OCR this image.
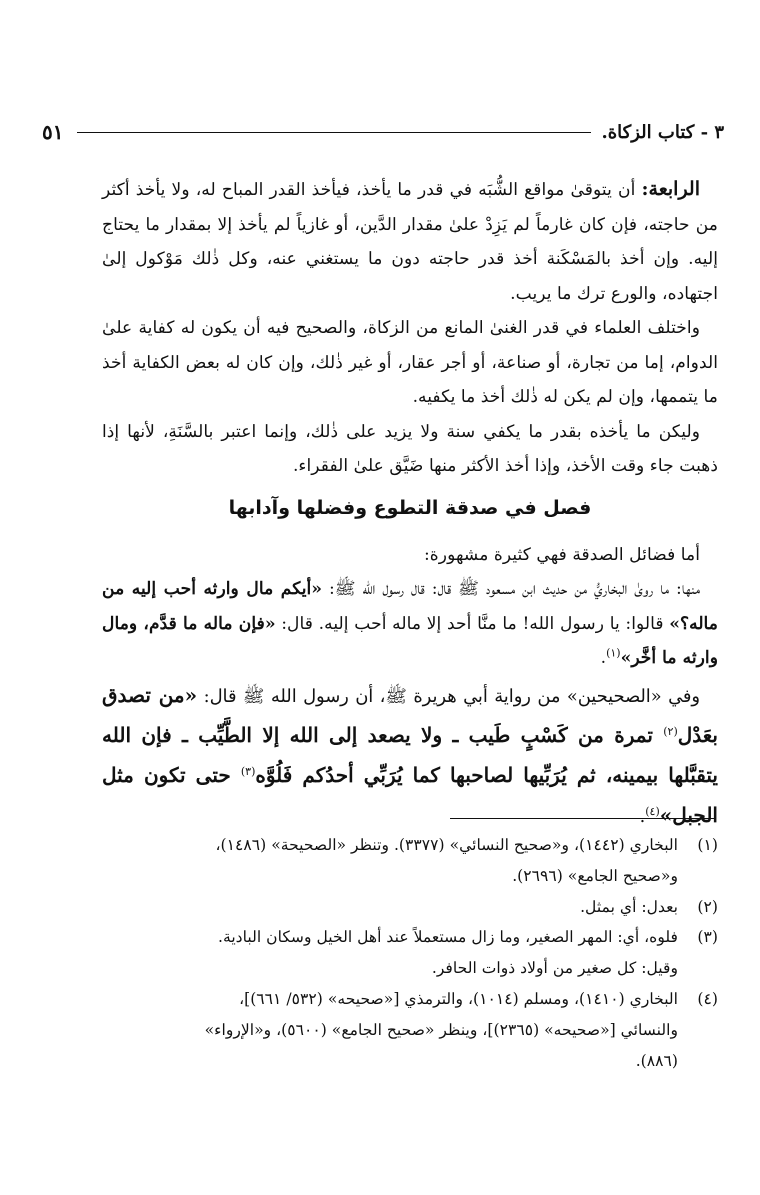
٣ - كتاب الزكاة.
٥١

الرابعة: أن يتوقىٰ مواقع الشُّبَه في قدر ما يأخذ، فيأخذ القدر المباح له، ولا يأخذ أكثر من حاجته، فإن كان غارماً لم يَزِدْ علىٰ مقدار الدَّين، أو غازياً لم يأخذ إلا بمقدار ما يحتاج إليه. وإن أخذ بالمَسْكَنة أخذ قدر حاجته دون ما يستغني عنه، وكل ذٰلك مَوْكول إلىٰ اجتهاده، والورع ترك ما يريب.

واختلف العلماء في قدر الغنىٰ المانع من الزكاة، والصحيح فيه أن يكون له كفاية علىٰ الدوام، إما من تجارة، أو صناعة، أو أجر عقار، أو غير ذٰلك، وإن كان له بعض الكفاية أخذ ما يتممها، وإن لم يكن له ذٰلك أخذ ما يكفيه.

وليكن ما يأخذه بقدر ما يكفي سنة ولا يزيد على ذٰلك، وإنما اعتبر بالسَّنَةِ، لأنها إذا ذهبت جاء وقت الأخذ، وإذا أخذ الأكثر منها ضَيَّق علىٰ الفقراء.

فصل في صدقة التطوع وفضلها وآدابها

أما فضائل الصدقة فهي كثيرة مشهورة:

منها: ما روىٰ البخاريُّ من حديث ابن مسعود ﷺ قال: قال رسول الله ﷺ: «أيكم مال وارثه أحب إليه من ماله؟» قالوا: يا رسول الله! ما منَّا أحد إلا ماله أحب إليه. قال: «فإن ماله ما قدَّم، ومال وارثه ما أخَّر»$^{(١)}$.

وفي «الصحيحين» من رواية أبي هريرة ﷺ، أن رسول الله ﷺ قال: «من تصدق بعَدْل$^{(٢)}$ تمرة من كَسْبٍ طَيب ـ ولا يصعد إلى الله إلا الطَّيِّب ـ فإن الله يتقبَّلها بيمينه، ثم يُرَبِّيها لصاحبها كما يُرَبِّي أحدُكم فَلُوَّه$^{(٣)}$ حتى تكون مثل الجبل»$^{(٤)}$.

(١)
البخاري (١٤٤٢)، و«صحيح النسائي» (٣٣٧٧). وتنظر «الصحيحة» (١٤٨٦)،
و«صحيح الجامع» (٢٦٩٦).
(٢)
بعدل: أي بمثل.
(٣)
فلوه، أي: المهر الصغير، وما زال مستعملاً عند أهل الخيل وسكان البادية.
وقيل: كل صغير من أولاد ذوات الحافر.
(٤)
البخاري (١٤١٠)، ومسلم (١٠١٤)، والترمذي [«صحيحه» (٥٣٢/ ٦٦١)]،
والنسائي [«صحيحه» (٢٣٦٥)]، وينظر «صحيح الجامع» (٥٦٠٠)، و«الإرواء»
(٨٨٦).
